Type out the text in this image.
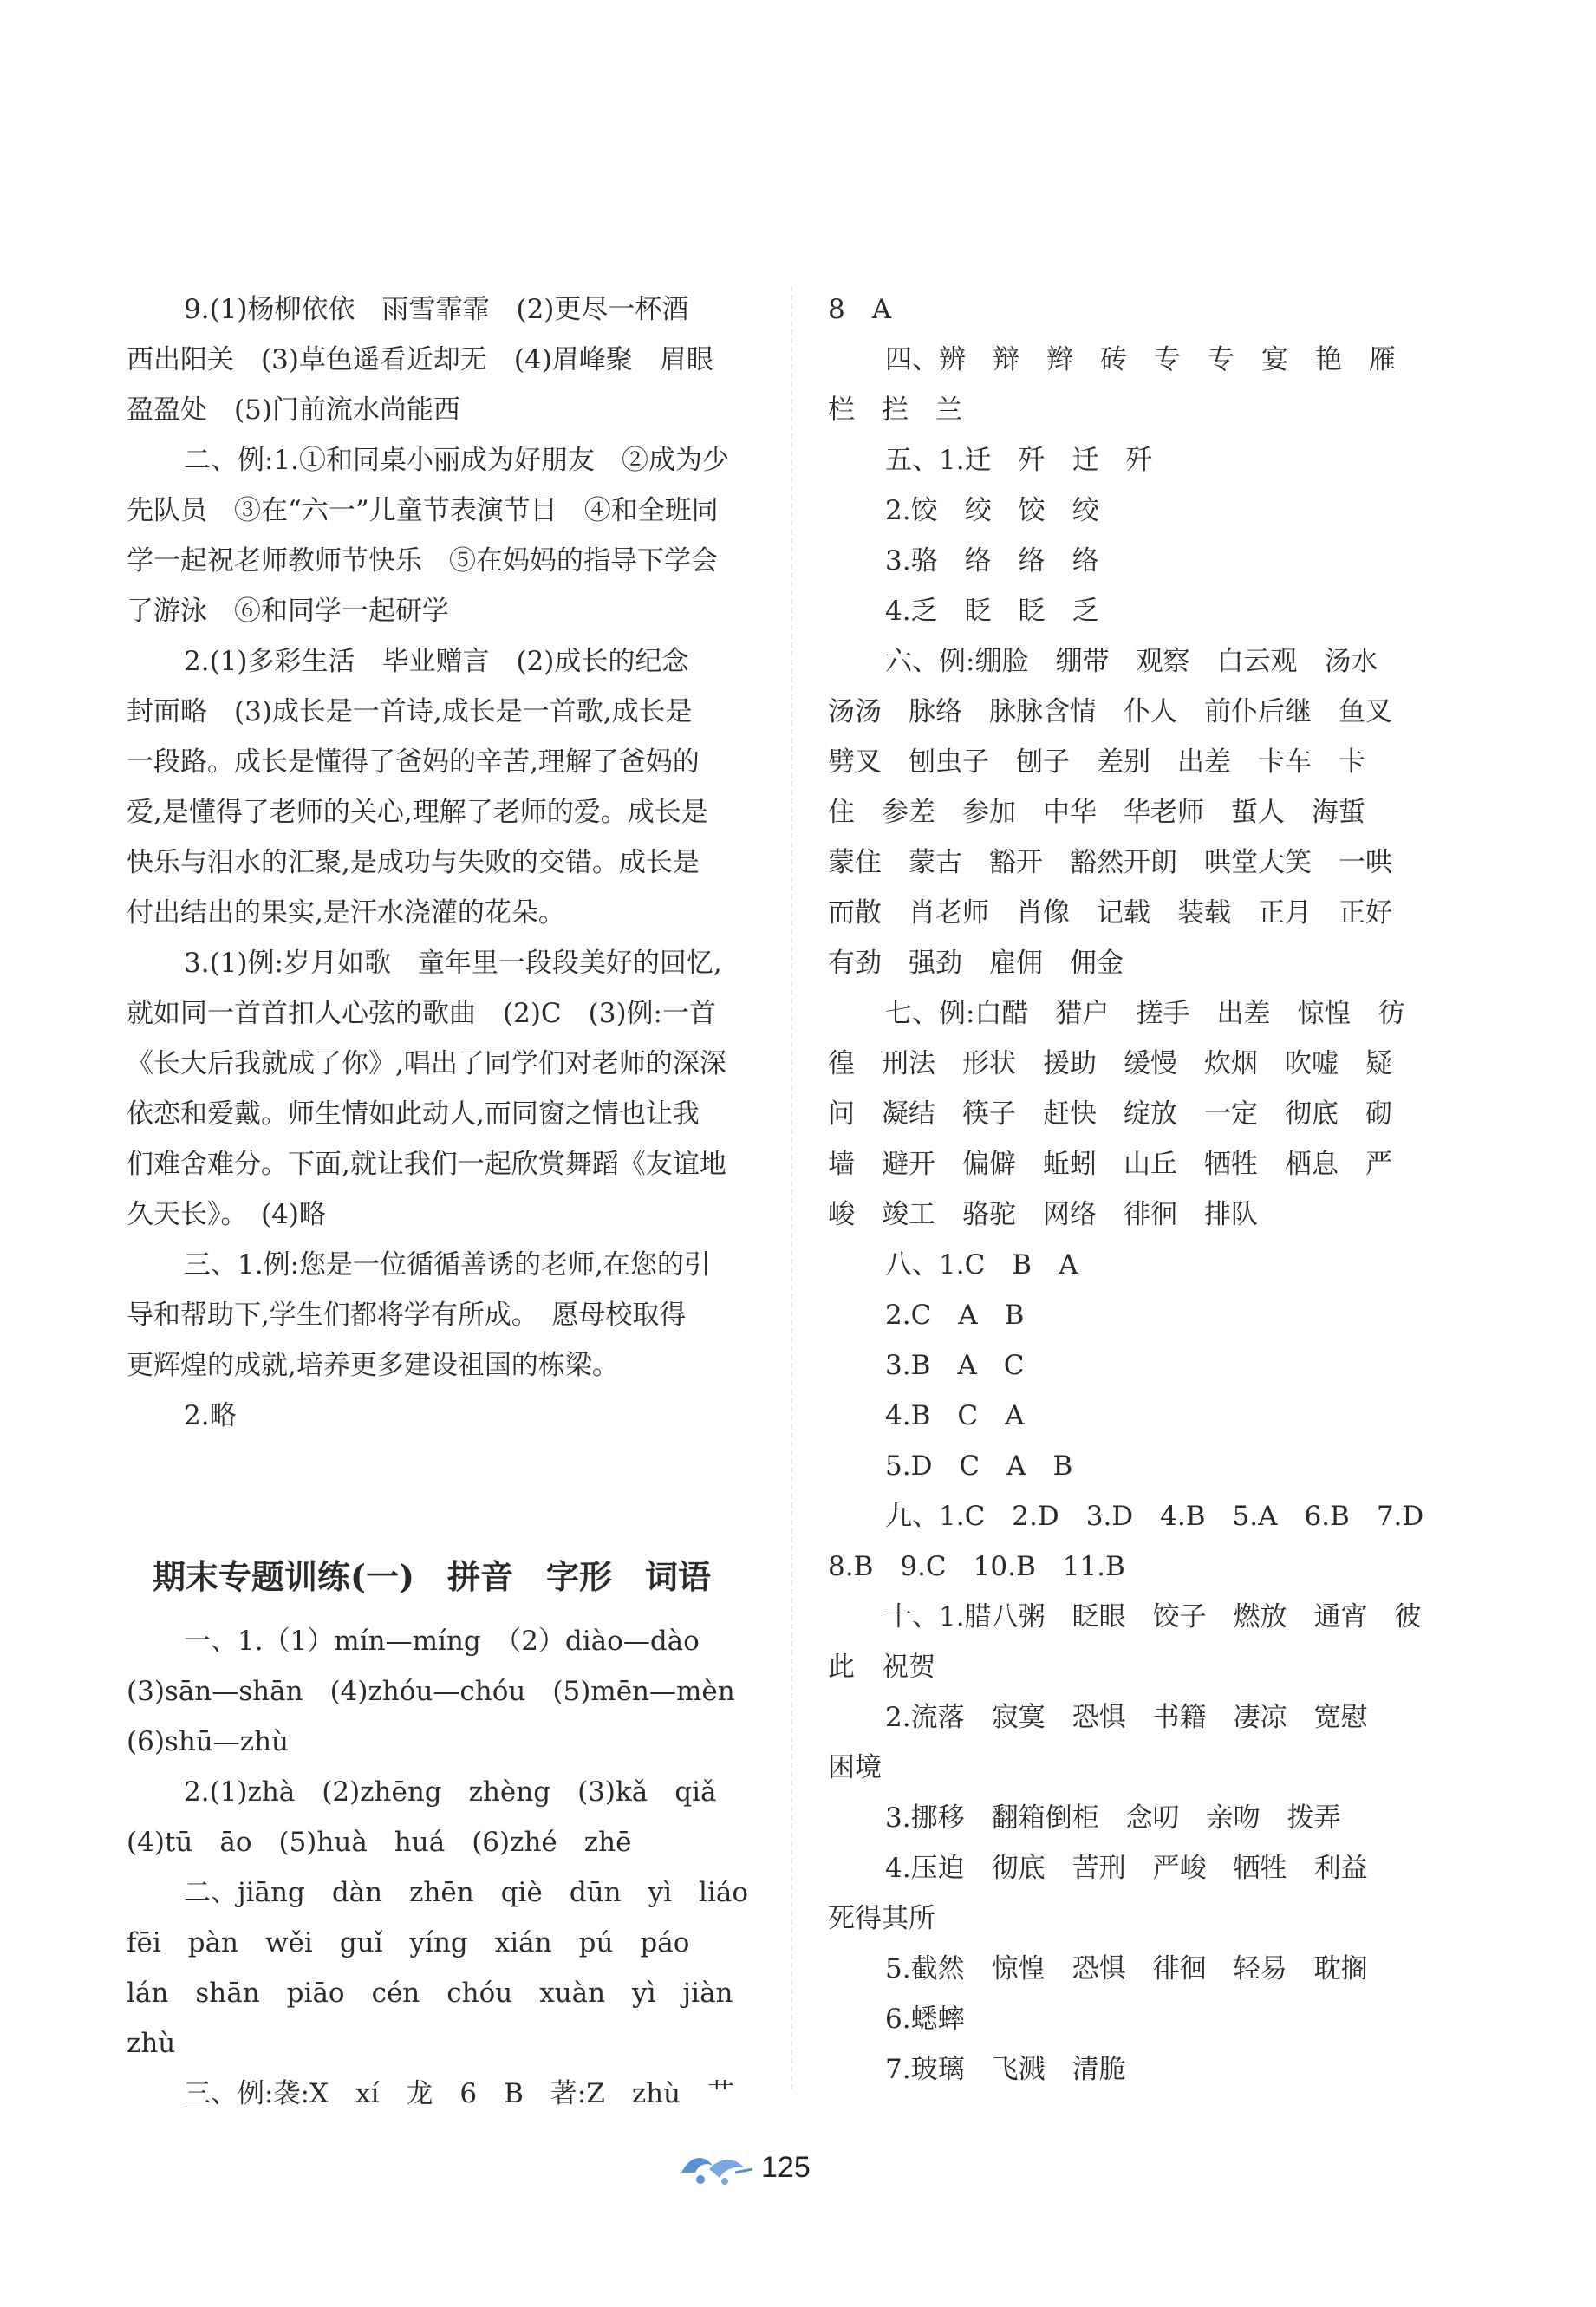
9.(1)杨柳依依　雨雪霏霏　(2)更尽一杯酒
西出阳关　(3)草色遥看近却无　(4)眉峰聚　眉眼
盈盈处　(5)门前流水尚能西
二、例:1.①和同桌小丽成为好朋友　②成为少
先队员　③在“六一”儿童节表演节目　④和全班同
学一起祝老师教师节快乐　⑤在妈妈的指导下学会
了游泳　⑥和同学一起研学
2.(1)多彩生活　毕业赠言　(2)成长的纪念
封面略　(3)成长是一首诗,成长是一首歌,成长是
一段路。成长是懂得了爸妈的辛苦,理解了爸妈的
爱,是懂得了老师的关心,理解了老师的爱。成长是
快乐与泪水的汇聚,是成功与失败的交错。成长是
付出结出的果实,是汗水浇灌的花朵。
3.(1)例:岁月如歌　童年里一段段美好的回忆,
就如同一首首扣人心弦的歌曲　(2)C　(3)例:一首
《长大后我就成了你》,唱出了同学们对老师的深深
依恋和爱戴。师生情如此动人,而同窗之情也让我
们难舍难分。下面,就让我们一起欣赏舞蹈《友谊地
久天长》。　(4)略
三、1.例:您是一位循循善诱的老师,在您的引
导和帮助下,学生们都将学有所成。　愿母校取得
更辉煌的成就,培养更多建设祖国的栋梁。
2.略
期末专题训练(一)　拼音　字形　词语
一、1.（1）mín—míng　（2）diào—dào
(3)sān—shān　(4)zhóu—chóu　(5)mēn—mèn
(6)shū—zhù
2.(1)zhà　(2)zhēng　zhèng　(3)kǎ　qiǎ
(4)tū　āo　(5)huà　huá　(6)zhé　zhē
二、jiāng　dàn　zhēn　qiè　dūn　yì　liáo
fēi　pàn　wěi　guǐ　yíng　xián　pú　páo
lán　shān　piāo　cén　chóu　xuàn　yì　jiàn
zhù
三、例:袭:X　xí　龙　6　B　著:Z　zhù　艹
8　A
四、辨　辩　辫　砖　专　专　宴　艳　雁
栏　拦　兰
五、1.迁　歼　迁　歼
2.饺　绞　饺　绞
3.骆　络　络　络
4.乏　眨　眨　乏
六、例:绷脸　绷带　观察　白云观　汤水
汤汤　脉络　脉脉含情　仆人　前仆后继　鱼叉
劈叉　刨虫子　刨子　差别　出差　卡车　卡
住　参差　参加　中华　华老师　蜇人　海蜇
蒙住　蒙古　豁开　豁然开朗　哄堂大笑　一哄
而散　肖老师　肖像　记载　装载　正月　正好
有劲　强劲　雇佣　佣金
七、例:白醋　猎户　搓手　出差　惊惶　彷
徨　刑法　形状　援助　缓慢　炊烟　吹嘘　疑
问　凝结　筷子　赶快　绽放　一定　彻底　砌
墙　避开　偏僻　蚯蚓　山丘　牺牲　栖息　严
峻　竣工　骆驼　网络　徘徊　排队
八、1.C　B　A
2.C　A　B
3.B　A　C
4.B　C　A
5.D　C　A　B
九、1.C　2.D　3.D　4.B　5.A　6.B　7.D
8.B　9.C　10.B　11.B
十、1.腊八粥　眨眼　饺子　燃放　通宵　彼
此　祝贺
2.流落　寂寞　恐惧　书籍　凄凉　宽慰
困境
3.挪移　翻箱倒柜　念叨　亲吻　拨弄
4.压迫　彻底　苦刑　严峻　牺牲　利益
死得其所
5.截然　惊惶　恐惧　徘徊　轻易　耽搁
6.蟋蟀
7.玻璃　飞溅　清脆
125
